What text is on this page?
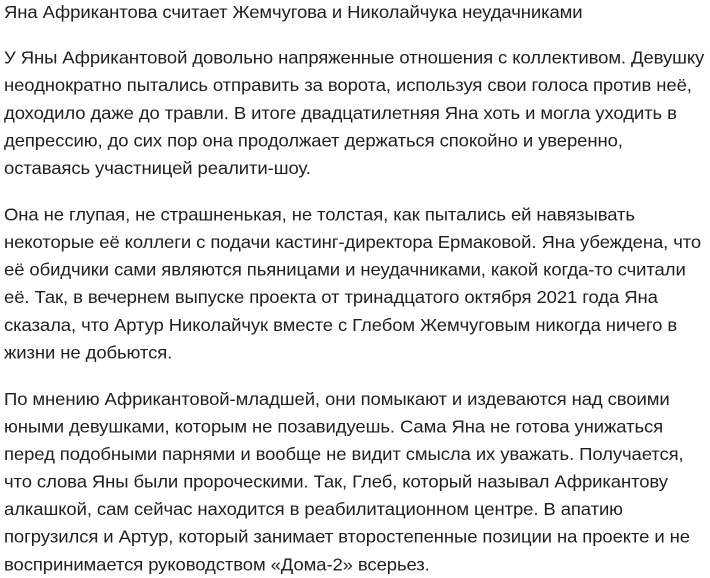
Яна Африкантова считает Жемчугова и Николайчука неудачниками

У Яны Африкантовой довольно напряженные отношения с коллективом. Девушку

неоднократно пытались отправить за ворота, используя свои голоса против неё,

доходило даже до травли. В итоге двадцатилетняя Яна хоть и могла уходить в

депрессию, до сих пор она продолжает держаться спокойно и уверенно,

оставаясь участницей реалити-шоу.

Она не глупая, не страшненькая, не толстая, как пытались ей навязывать

некоторые её коллеги с подачи кастинг-директора Ермаковой. Яна убеждена, что

её обидчики сами являются пьяницами и неудачниками, какой когда-то считали

её. Так, в вечернем выпуске проекта от тринадцатого октября 2021 года Яна

сказала, что Артур Николайчук вместе с Глебом Жемчуговым никогда ничего в

жизни не добьются.

По мнению Африкантовой-младшей, они помыкают и издеваются над своими

юными девушками, которым не позавидуешь. Сама Яна не готова унижаться

перед подобными парнями и вообще не видит смысла их уважать. Получается,

что слова Яны были пророческими. Так, Глеб, который называл Африкантову

алкашкой, сам сейчас находится в реабилитационном центре. В апатию

погрузился и Артур, который занимает второстепенные позиции на проекте и не

воспринимается руководством «Дома-2» всерьез.
